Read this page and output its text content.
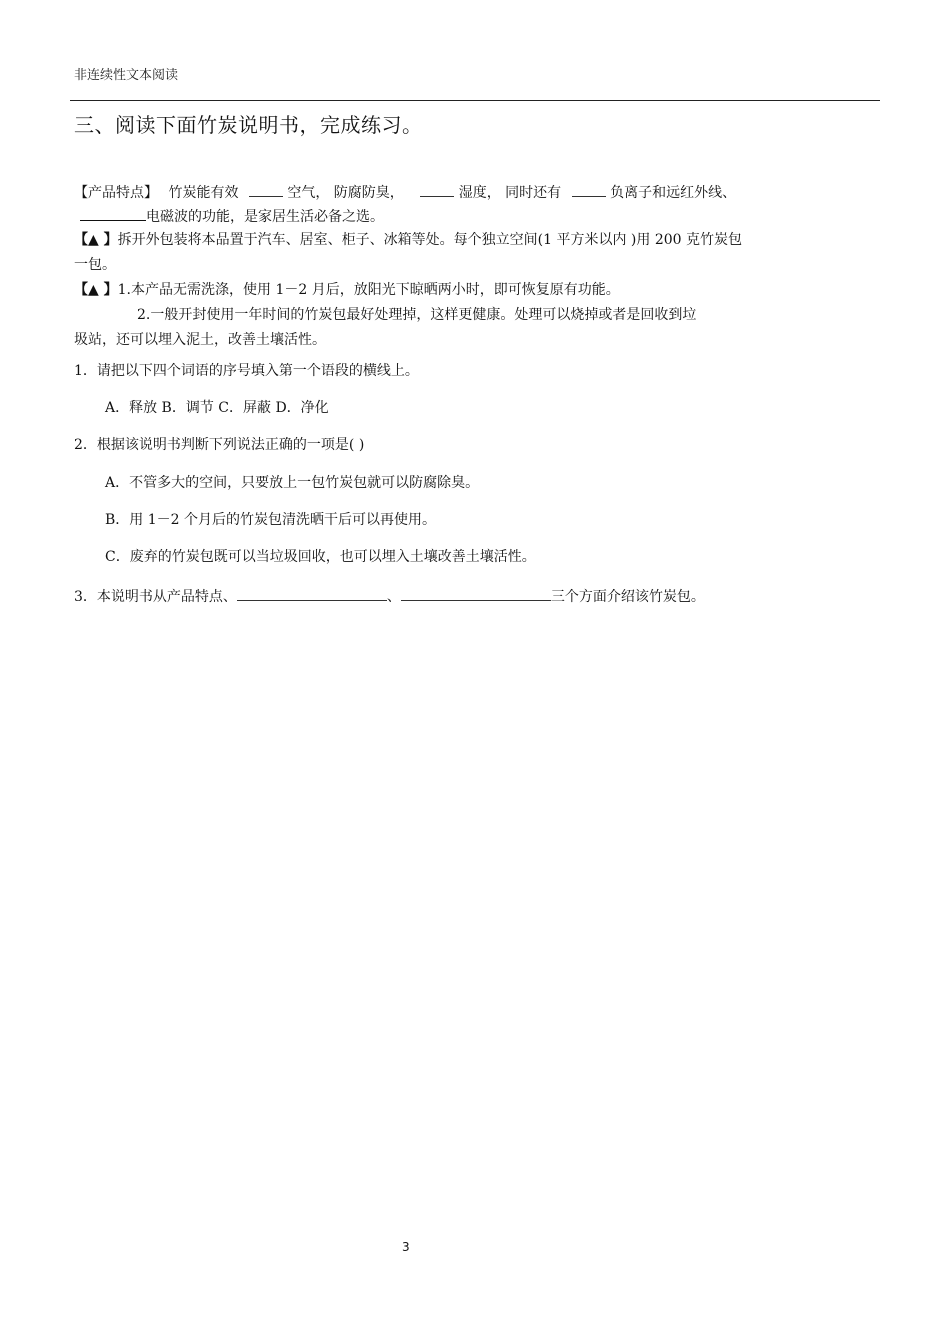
非连续性文本阅读
三、阅读下面竹炭说明书，完成练习。
【产品特点】 竹炭能有效	空气， 防腐防臭，	湿度， 同时还有	负离子和远红外线、
电磁波的功能，是家居生活必备之选。
【▲ 】拆开外包装将本品置于汽车、居室、柜子、冰箱等处。每个独立空间(1 平方米以内 )用 200 克竹炭包
一包。
【▲ 】1.本产品无需洗涤，使用 1－2 月后，放阳光下晾晒两小时，即可恢复原有功能。
2.一般开封使用一年时间的竹炭包最好处理掉，这样更健康。处理可以烧掉或者是回收到垃
圾站，还可以埋入泥土，改善土壤活性。
1．请把以下四个词语的序号填入第一个语段的横线上。
A．释放 B．调节 C．屏蔽 D．净化
2．根据该说明书判断下列说法正确的一项是( )
A．不管多大的空间，只要放上一包竹炭包就可以防腐除臭。
B．用 1－2 个月后的竹炭包清洗晒干后可以再使用。
C．废弃的竹炭包既可以当垃圾回收，也可以埋入土壤改善土壤活性。
3．本说明书从产品特点、	、	三个方面介绍该竹炭包。
3
